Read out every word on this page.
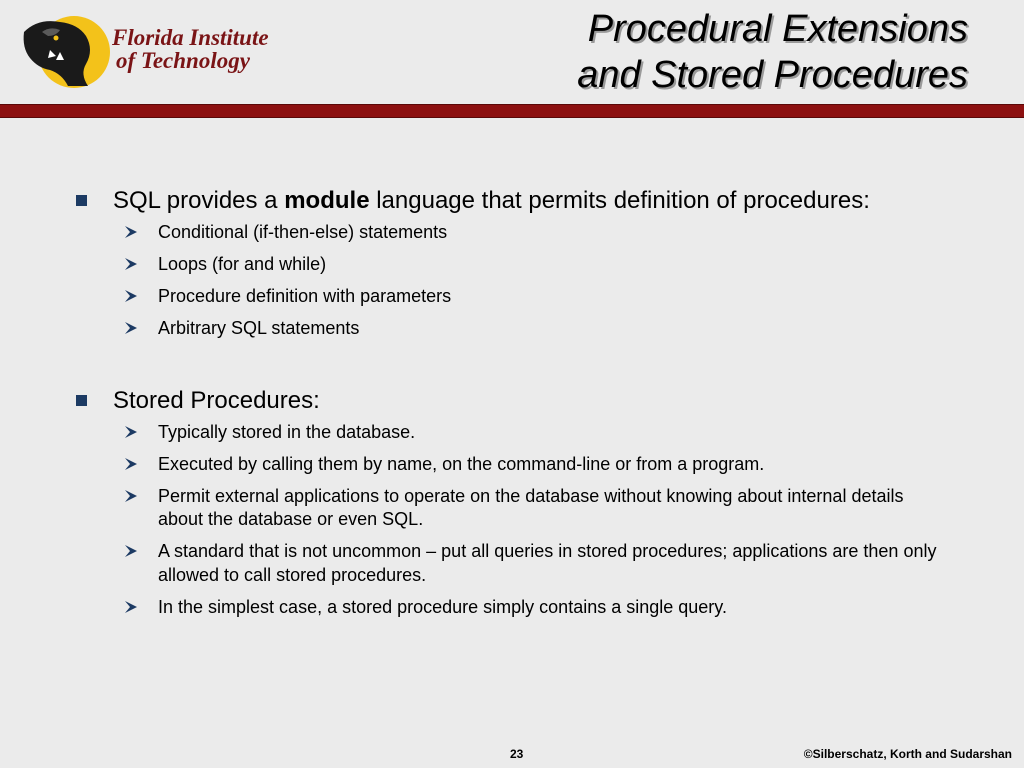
Florida Institute
of Technology
Procedural Extensions
and Stored Procedures
SQL provides a module language that permits definition of procedures:
Conditional (if-then-else) statements
Loops (for and while)
Procedure definition with parameters
Arbitrary SQL statements
Stored Procedures:
Typically stored in the database.
Executed by calling them by name, on the command-line or from a program.
Permit external applications to operate on the database without knowing about internal details about the database or even SQL.
A standard that is not uncommon – put all queries in stored procedures; applications are then only allowed to call stored procedures.
In the simplest case, a stored procedure simply contains a single query.
23	©Silberschatz, Korth and Sudarshan
